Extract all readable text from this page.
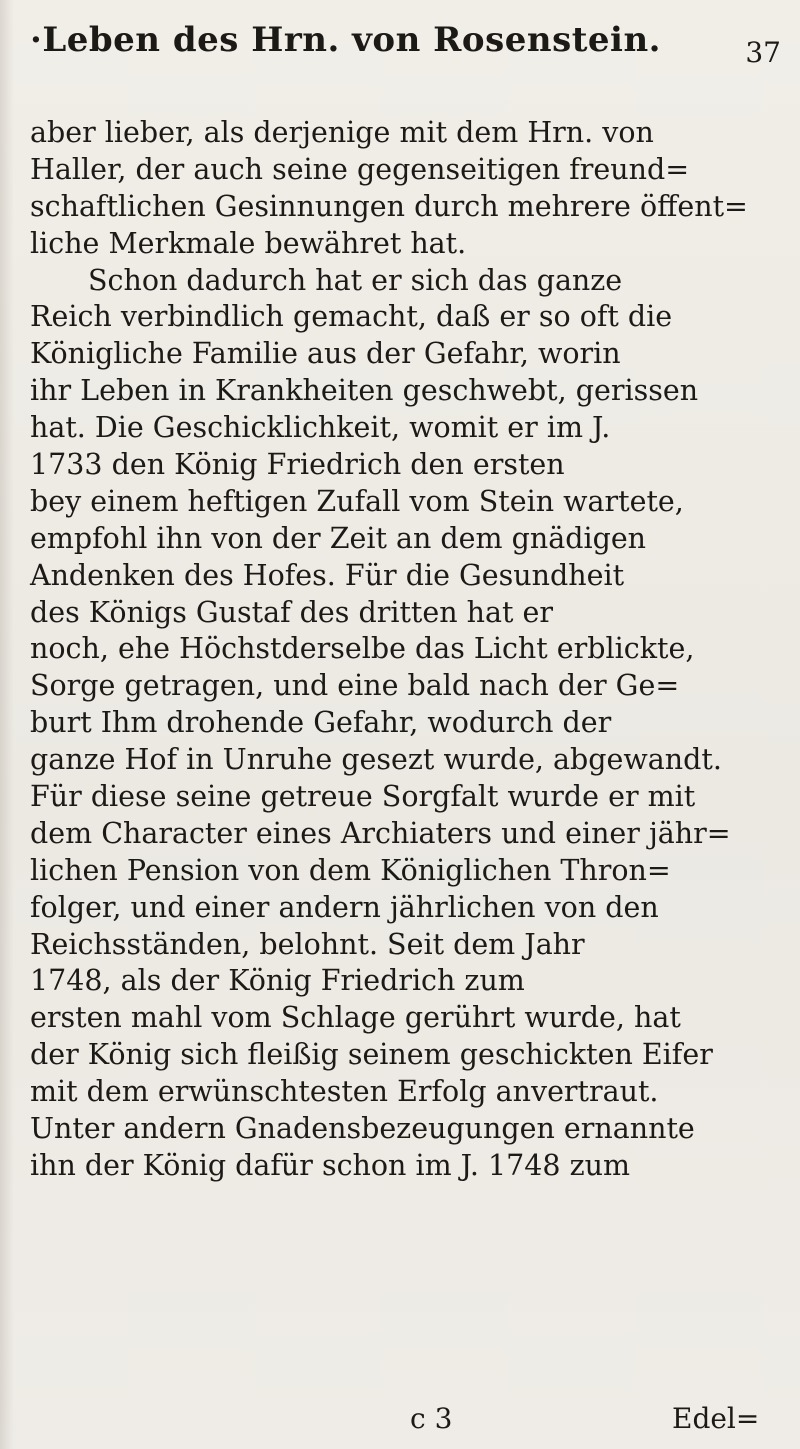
·Leben des Hrn. von Rosenstein.	37
aber lieber, als derjenige mit dem Hrn. von
Haller, der auch seine gegenseitigen freund=
schaftlichen Gesinnungen durch mehrere öffent=
liche Merkmale bewähret hat.
Schon dadurch hat er sich das ganze
Reich verbindlich gemacht, daß er so oft die
Königliche Familie aus der Gefahr, worin
ihr Leben in Krankheiten geschwebt, gerissen
hat. Die Geschicklichkeit, womit er im J.
1733 den König Friedrich den ersten
bey einem heftigen Zufall vom Stein wartete,
empfohl ihn von der Zeit an dem gnädigen
Andenken des Hofes. Für die Gesundheit
des Königs Gustaf des dritten hat er
noch, ehe Höchstderselbe das Licht erblickte,
Sorge getragen, und eine bald nach der Ge=
burt Ihm drohende Gefahr, wodurch der
ganze Hof in Unruhe gesezt wurde, abgewandt.
Für diese seine getreue Sorgfalt wurde er mit
dem Character eines Archiaters und einer jähr=
lichen Pension von dem Königlichen Thron=
folger, und einer andern jährlichen von den
Reichsständen, belohnt. Seit dem Jahr
1748, als der König Friedrich zum
ersten mahl vom Schlage gerührt wurde, hat
der König sich fleißig seinem geschickten Eifer
mit dem erwünschtesten Erfolg anvertraut.
Unter andern Gnadensbezeugungen ernannte
ihn der König dafür schon im J. 1748 zum
c 3	Edel=
